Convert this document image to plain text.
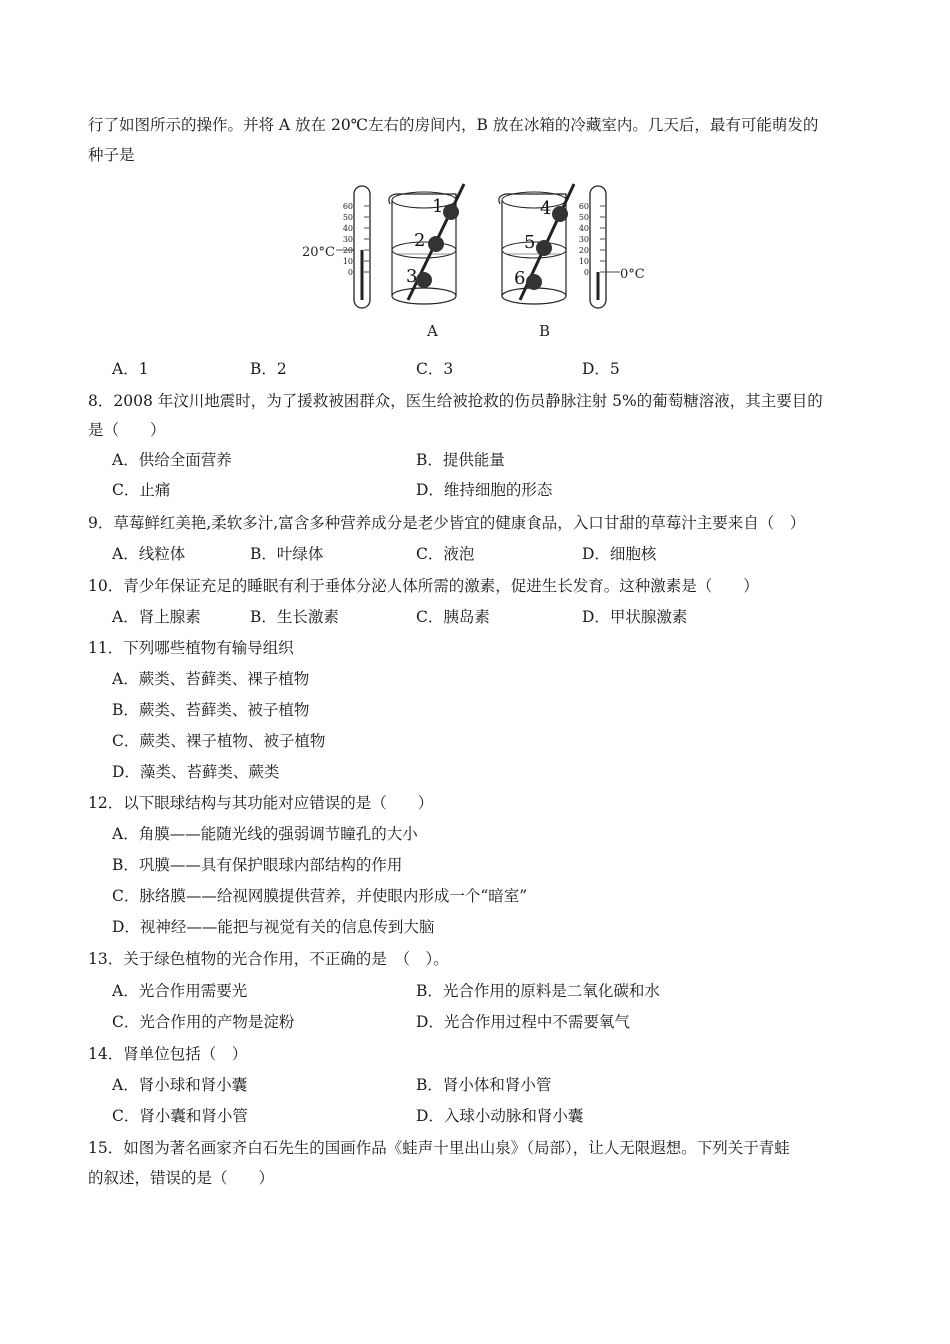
行了如图所示的操作。并将 A 放在 20℃左右的房间内，B 放在冰箱的冷藏室内。几天后，最有可能萌发的
种子是
60
50
40
30
20
10
0
20°C
1
2
3
A
4
5
6
B
60
50
40
30
20
10
0 0°C
A．1	B．2	C．3	D．5
8．2008 年汶川地震时，为了援救被困群众，医生给被抢救的伤员静脉注射 5%的葡萄糖溶液，其主要目的
是（　　）
A．供给全面营养	B．提供能量
C．止痛	D．维持细胞的形态
9．草莓鲜红美艳,柔软多汁,富含多种营养成分是老少皆宜的健康食品，入口甘甜的草莓汁主要来自（　）
A．线粒体	B．叶绿体	C．液泡	D．细胞核
10．青少年保证充足的睡眠有利于垂体分泌人体所需的激素，促进生长发育。这种激素是（　　）
A．肾上腺素	B．生长激素	C．胰岛素	D．甲状腺激素
11．下列哪些植物有输导组织
A．蕨类、苔藓类、裸子植物
B．蕨类、苔藓类、被子植物
C．蕨类、裸子植物、被子植物
D．藻类、苔藓类、蕨类
12．以下眼球结构与其功能对应错误的是（　　）
A．角膜——能随光线的强弱调节瞳孔的大小
B．巩膜——具有保护眼球内部结构的作用
C．脉络膜——给视网膜提供营养，并使眼内形成一个“暗室”
D．视神经——能把与视觉有关的信息传到大脑
13．关于绿色植物的光合作用，不正确的是　（　）。
A．光合作用需要光	B．光合作用的原料是二氧化碳和水
C．光合作用的产物是淀粉	D．光合作用过程中不需要氧气
14．肾单位包括（　）
A．肾小球和肾小囊	B．肾小体和肾小管
C．肾小囊和肾小管	D．入球小动脉和肾小囊
15．如图为著名画家齐白石先生的国画作品《蛙声十里出山泉》（局部），让人无限遐想。下列关于青蛙
的叙述，错误的是（　　）
